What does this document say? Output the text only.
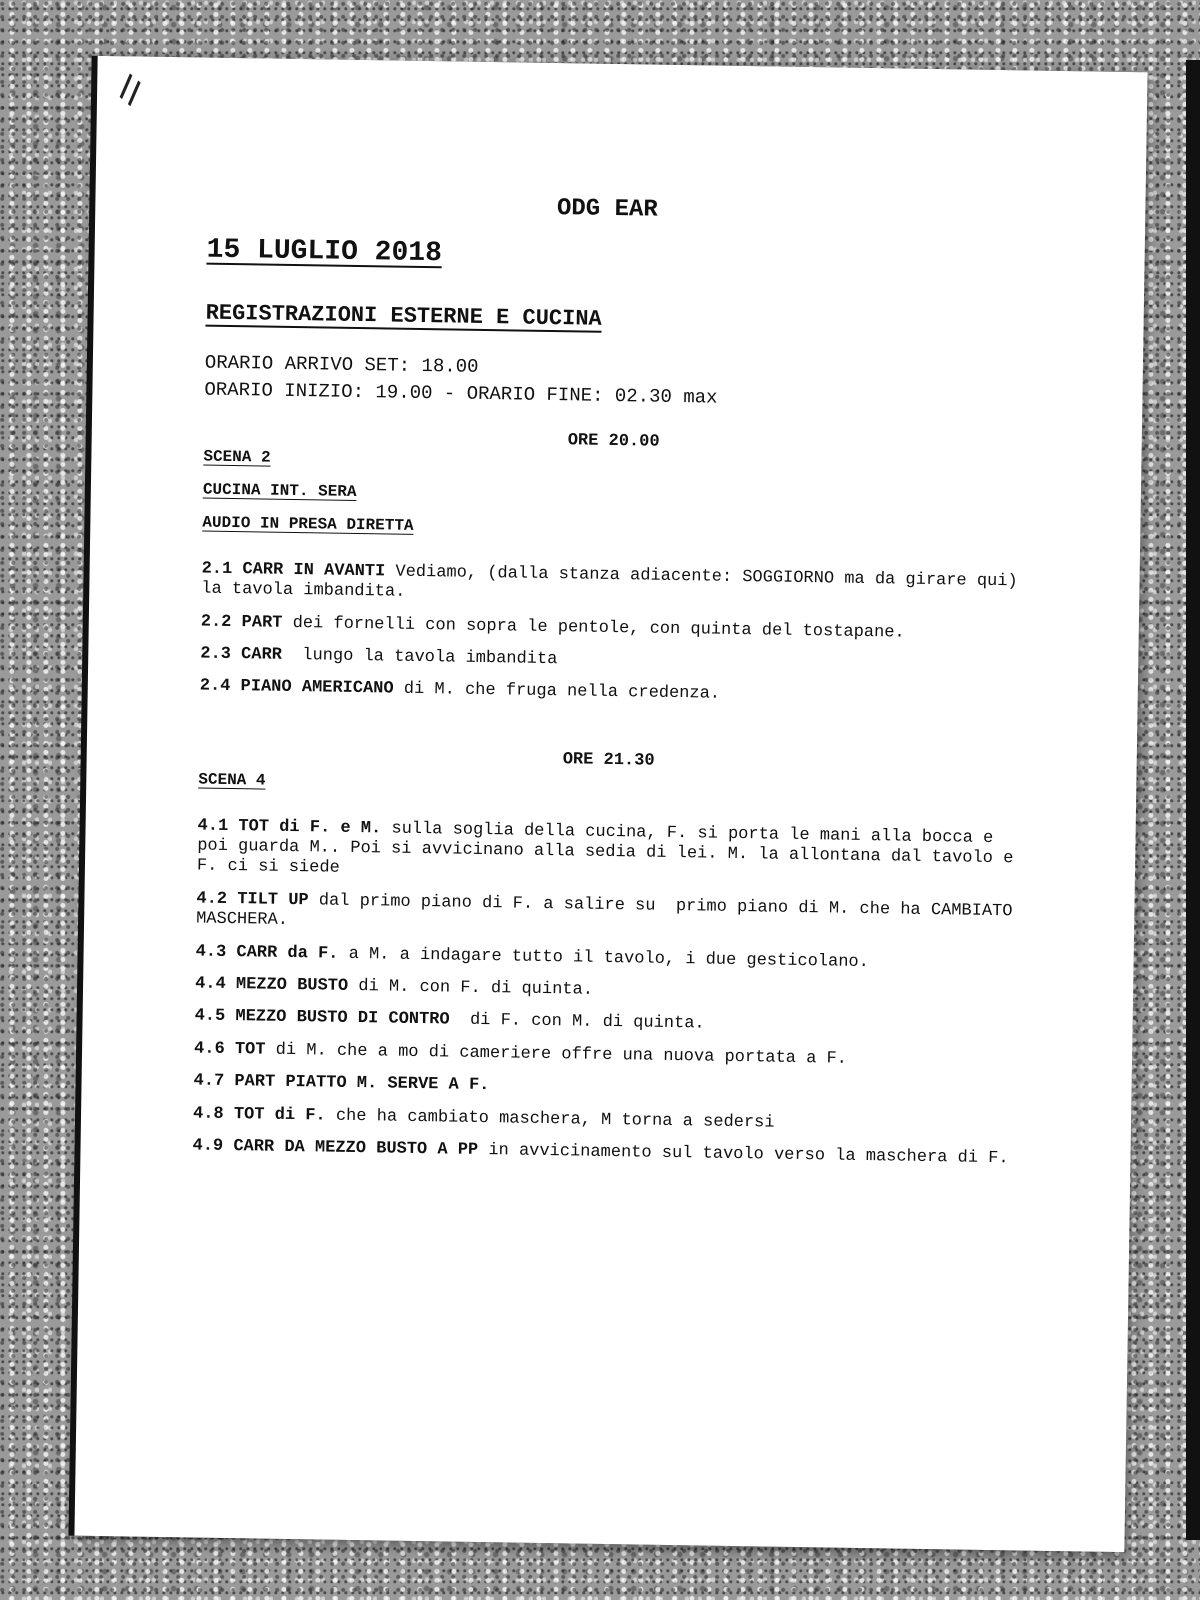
\\
ODG EAR
15 LUGLIO 2018
REGISTRAZIONI ESTERNE E CUCINA
ORARIO ARRIVO SET: 18.00
ORARIO INIZIO: 19.00 - ORARIO FINE: 02.30 max
ORE 20.00
SCENA 2
CUCINA INT. SERA
AUDIO IN PRESA DIRETTA
2.1 CARR IN AVANTI Vediamo, (dalla stanza adiacente: SOGGIORNO ma da girare qui) la tavola imbandita.
2.2 PART dei fornelli con sopra le pentole, con quinta del tostapane.
2.3 CARR  lungo la tavola imbandita
2.4 PIANO AMERICANO di M. che fruga nella credenza.
ORE 21.30
SCENA 4
4.1 TOT di F. e M. sulla soglia della cucina, F. si porta le mani alla bocca e poi guarda M.. Poi si avvicinano alla sedia di lei. M. la allontana dal tavolo e F. ci si siede
4.2 TILT UP dal primo piano di F. a salire su  primo piano di M. che ha CAMBIATO MASCHERA.
4.3 CARR da F. a M. a indagare tutto il tavolo, i due gesticolano.
4.4 MEZZO BUSTO di M. con F. di quinta.
4.5 MEZZO BUSTO DI CONTRO  di F. con M. di quinta.
4.6 TOT di M. che a mo di cameriere offre una nuova portata a F.
4.7 PART PIATTO M. SERVE A F.
4.8 TOT di F. che ha cambiato maschera, M torna a sedersi
4.9 CARR DA MEZZO BUSTO A PP in avvicinamento sul tavolo verso la maschera di F.
